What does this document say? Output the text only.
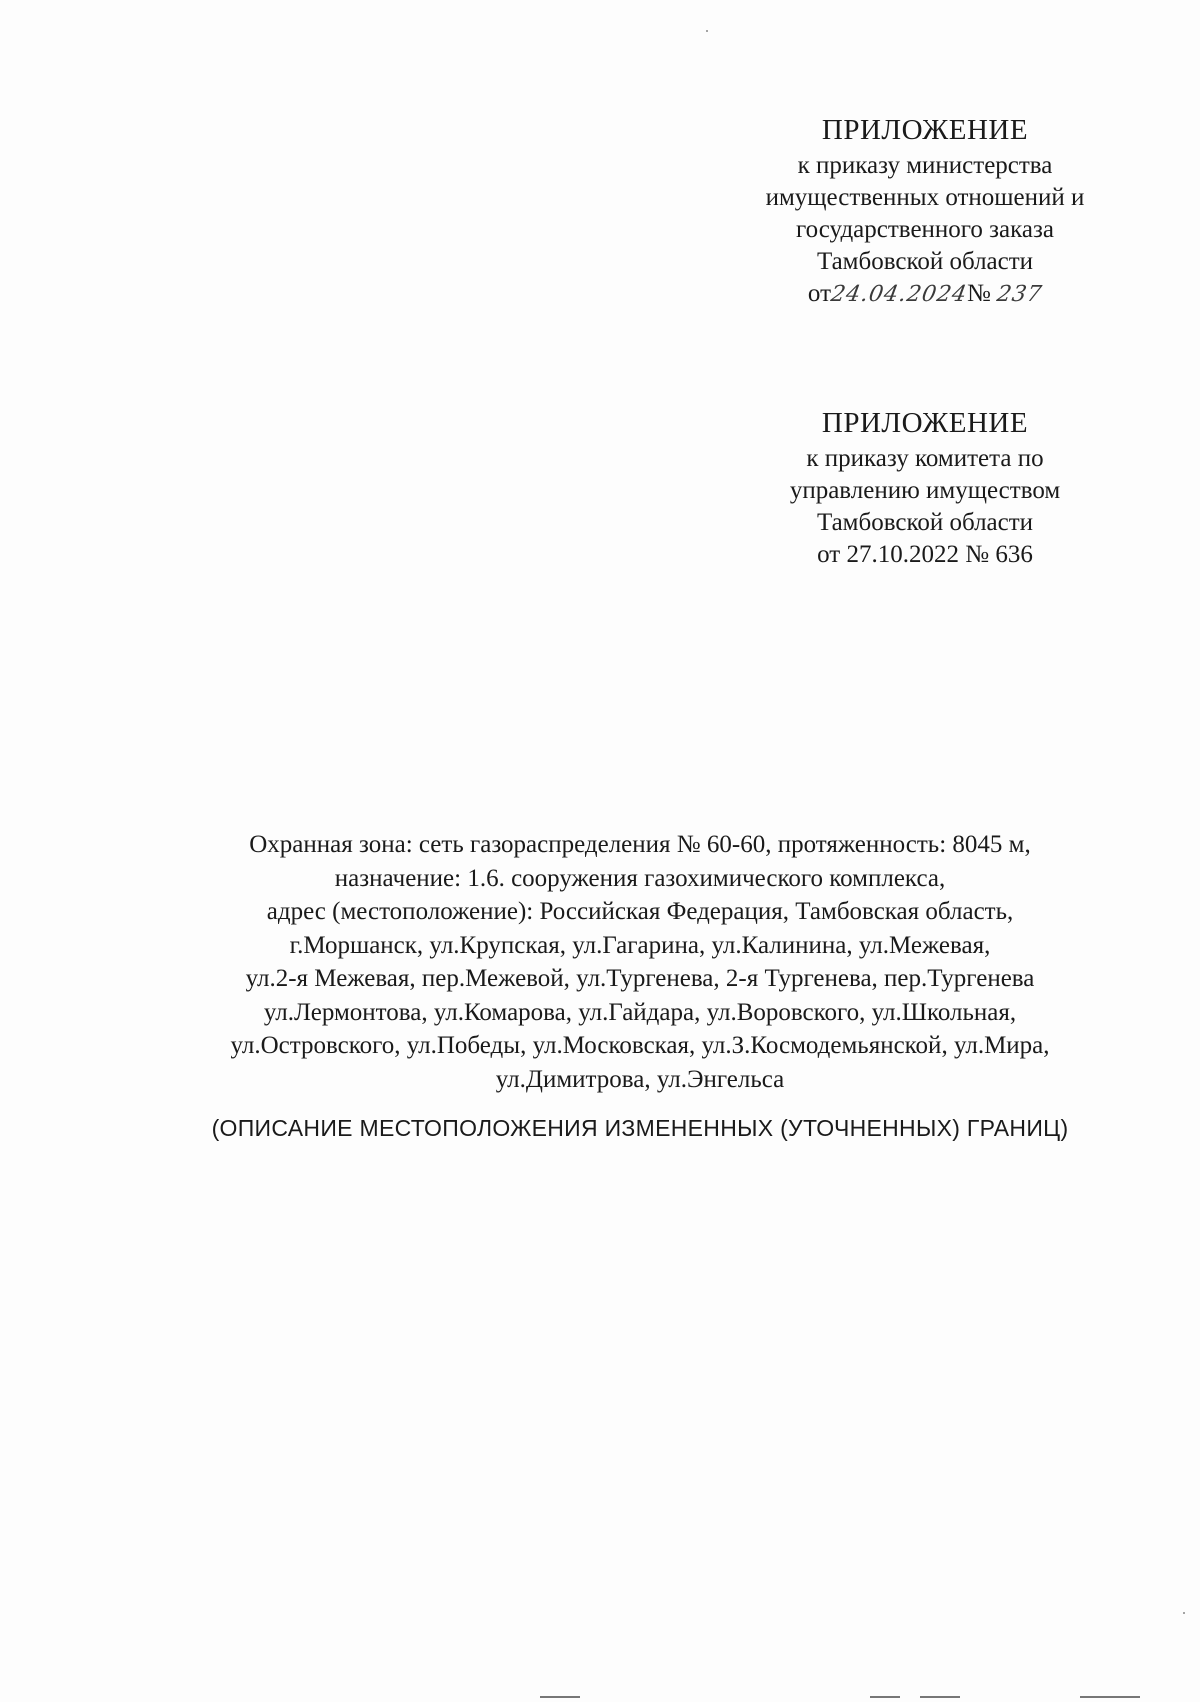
ПРИЛОЖЕНИЕ
к приказу министерства
имущественных отношений и
государственного заказа
Тамбовской области
от24.04.2024№ 237
ПРИЛОЖЕНИЕ
к приказу комитета по
управлению имуществом
Тамбовской области
от 27.10.2022 № 636
Охранная зона: сеть газораспределения № 60-60, протяженность: 8045 м,
назначение: 1.6. сооружения газохимического комплекса,
адрес (местоположение): Российская Федерация, Тамбовская область,
г.Моршанск, ул.Крупская, ул.Гагарина, ул.Калинина, ул.Межевая,
ул.2-я Межевая, пер.Межевой, ул.Тургенева, 2-я Тургенева, пер.Тургенева
ул.Лермонтова, ул.Комарова, ул.Гайдара, ул.Воровского, ул.Школьная,
ул.Островского, ул.Победы, ул.Московская, ул.З.Космодемьянской, ул.Мира,
ул.Димитрова, ул.Энгельса
(ОПИСАНИЕ МЕСТОПОЛОЖЕНИЯ ИЗМЕНЕННЫХ (УТОЧНЕННЫХ) ГРАНИЦ)
